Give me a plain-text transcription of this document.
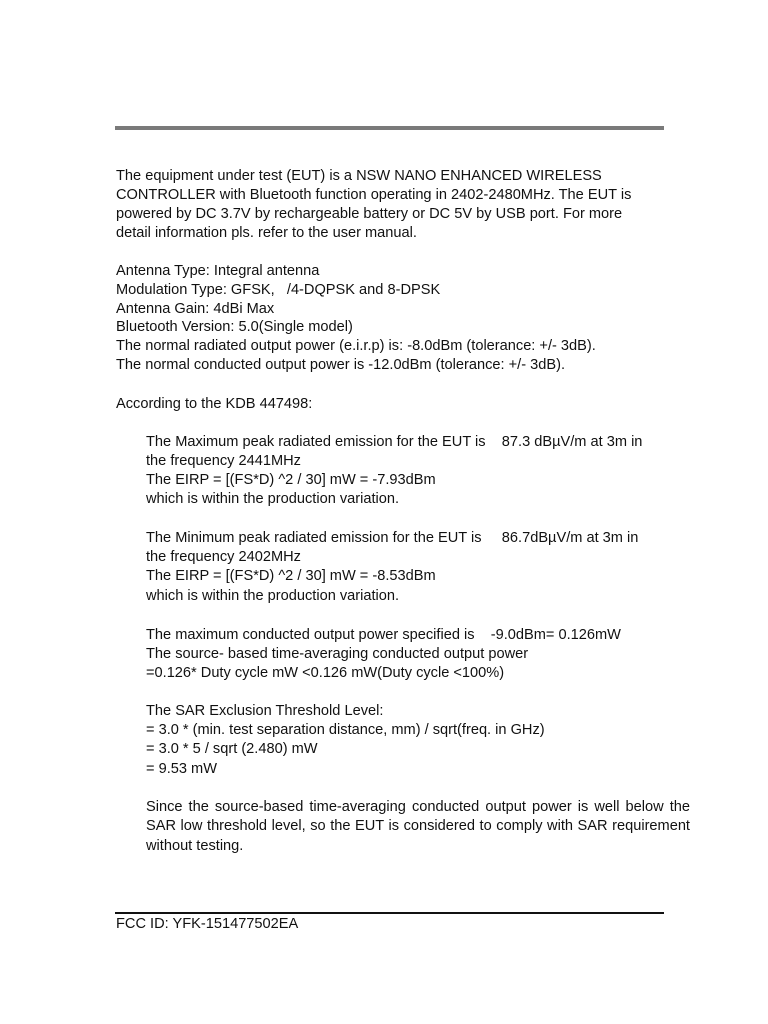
The equipment under test (EUT) is a NSW NANO ENHANCED WIRELESS

CONTROLLER with Bluetooth function operating in 2402-2480MHz. The EUT is

powered by DC 3.7V by rechargeable battery or DC 5V by USB port. For more

detail information pls. refer to the user manual.

Antenna Type: Integral antenna

Modulation Type: GFSK,   /4-DQPSK and 8-DPSK

Antenna Gain: 4dBi Max

Bluetooth Version: 5.0(Single model)

The normal radiated output power (e.i.r.p) is: -8.0dBm (tolerance: +/- 3dB).

The normal conducted output power is -12.0dBm (tolerance: +/- 3dB).

According to the KDB 447498:

The Maximum peak radiated emission for the EUT is    87.3 dBµV/m at 3m in

the frequency 2441MHz

The EIRP = [(FS*D) ^2 / 30] mW = -7.93dBm

which is within the production variation.

The Minimum peak radiated emission for the EUT is     86.7dBµV/m at 3m in

the frequency 2402MHz

The EIRP = [(FS*D) ^2 / 30] mW = -8.53dBm

which is within the production variation.

The maximum conducted output power specified is    -9.0dBm= 0.126mW

The source- based time-averaging conducted output power

=0.126* Duty cycle mW <0.126 mW(Duty cycle <100%)

The SAR Exclusion Threshold Level:

= 3.0 * (min. test separation distance, mm) / sqrt(freq. in GHz)

= 3.0 * 5 / sqrt (2.480) mW

= 9.53 mW

Since the source-based time-averaging conducted output power is well below the SAR low threshold level, so the EUT is considered to comply with SAR requirement without testing.

FCC ID: YFK-151477502EA
